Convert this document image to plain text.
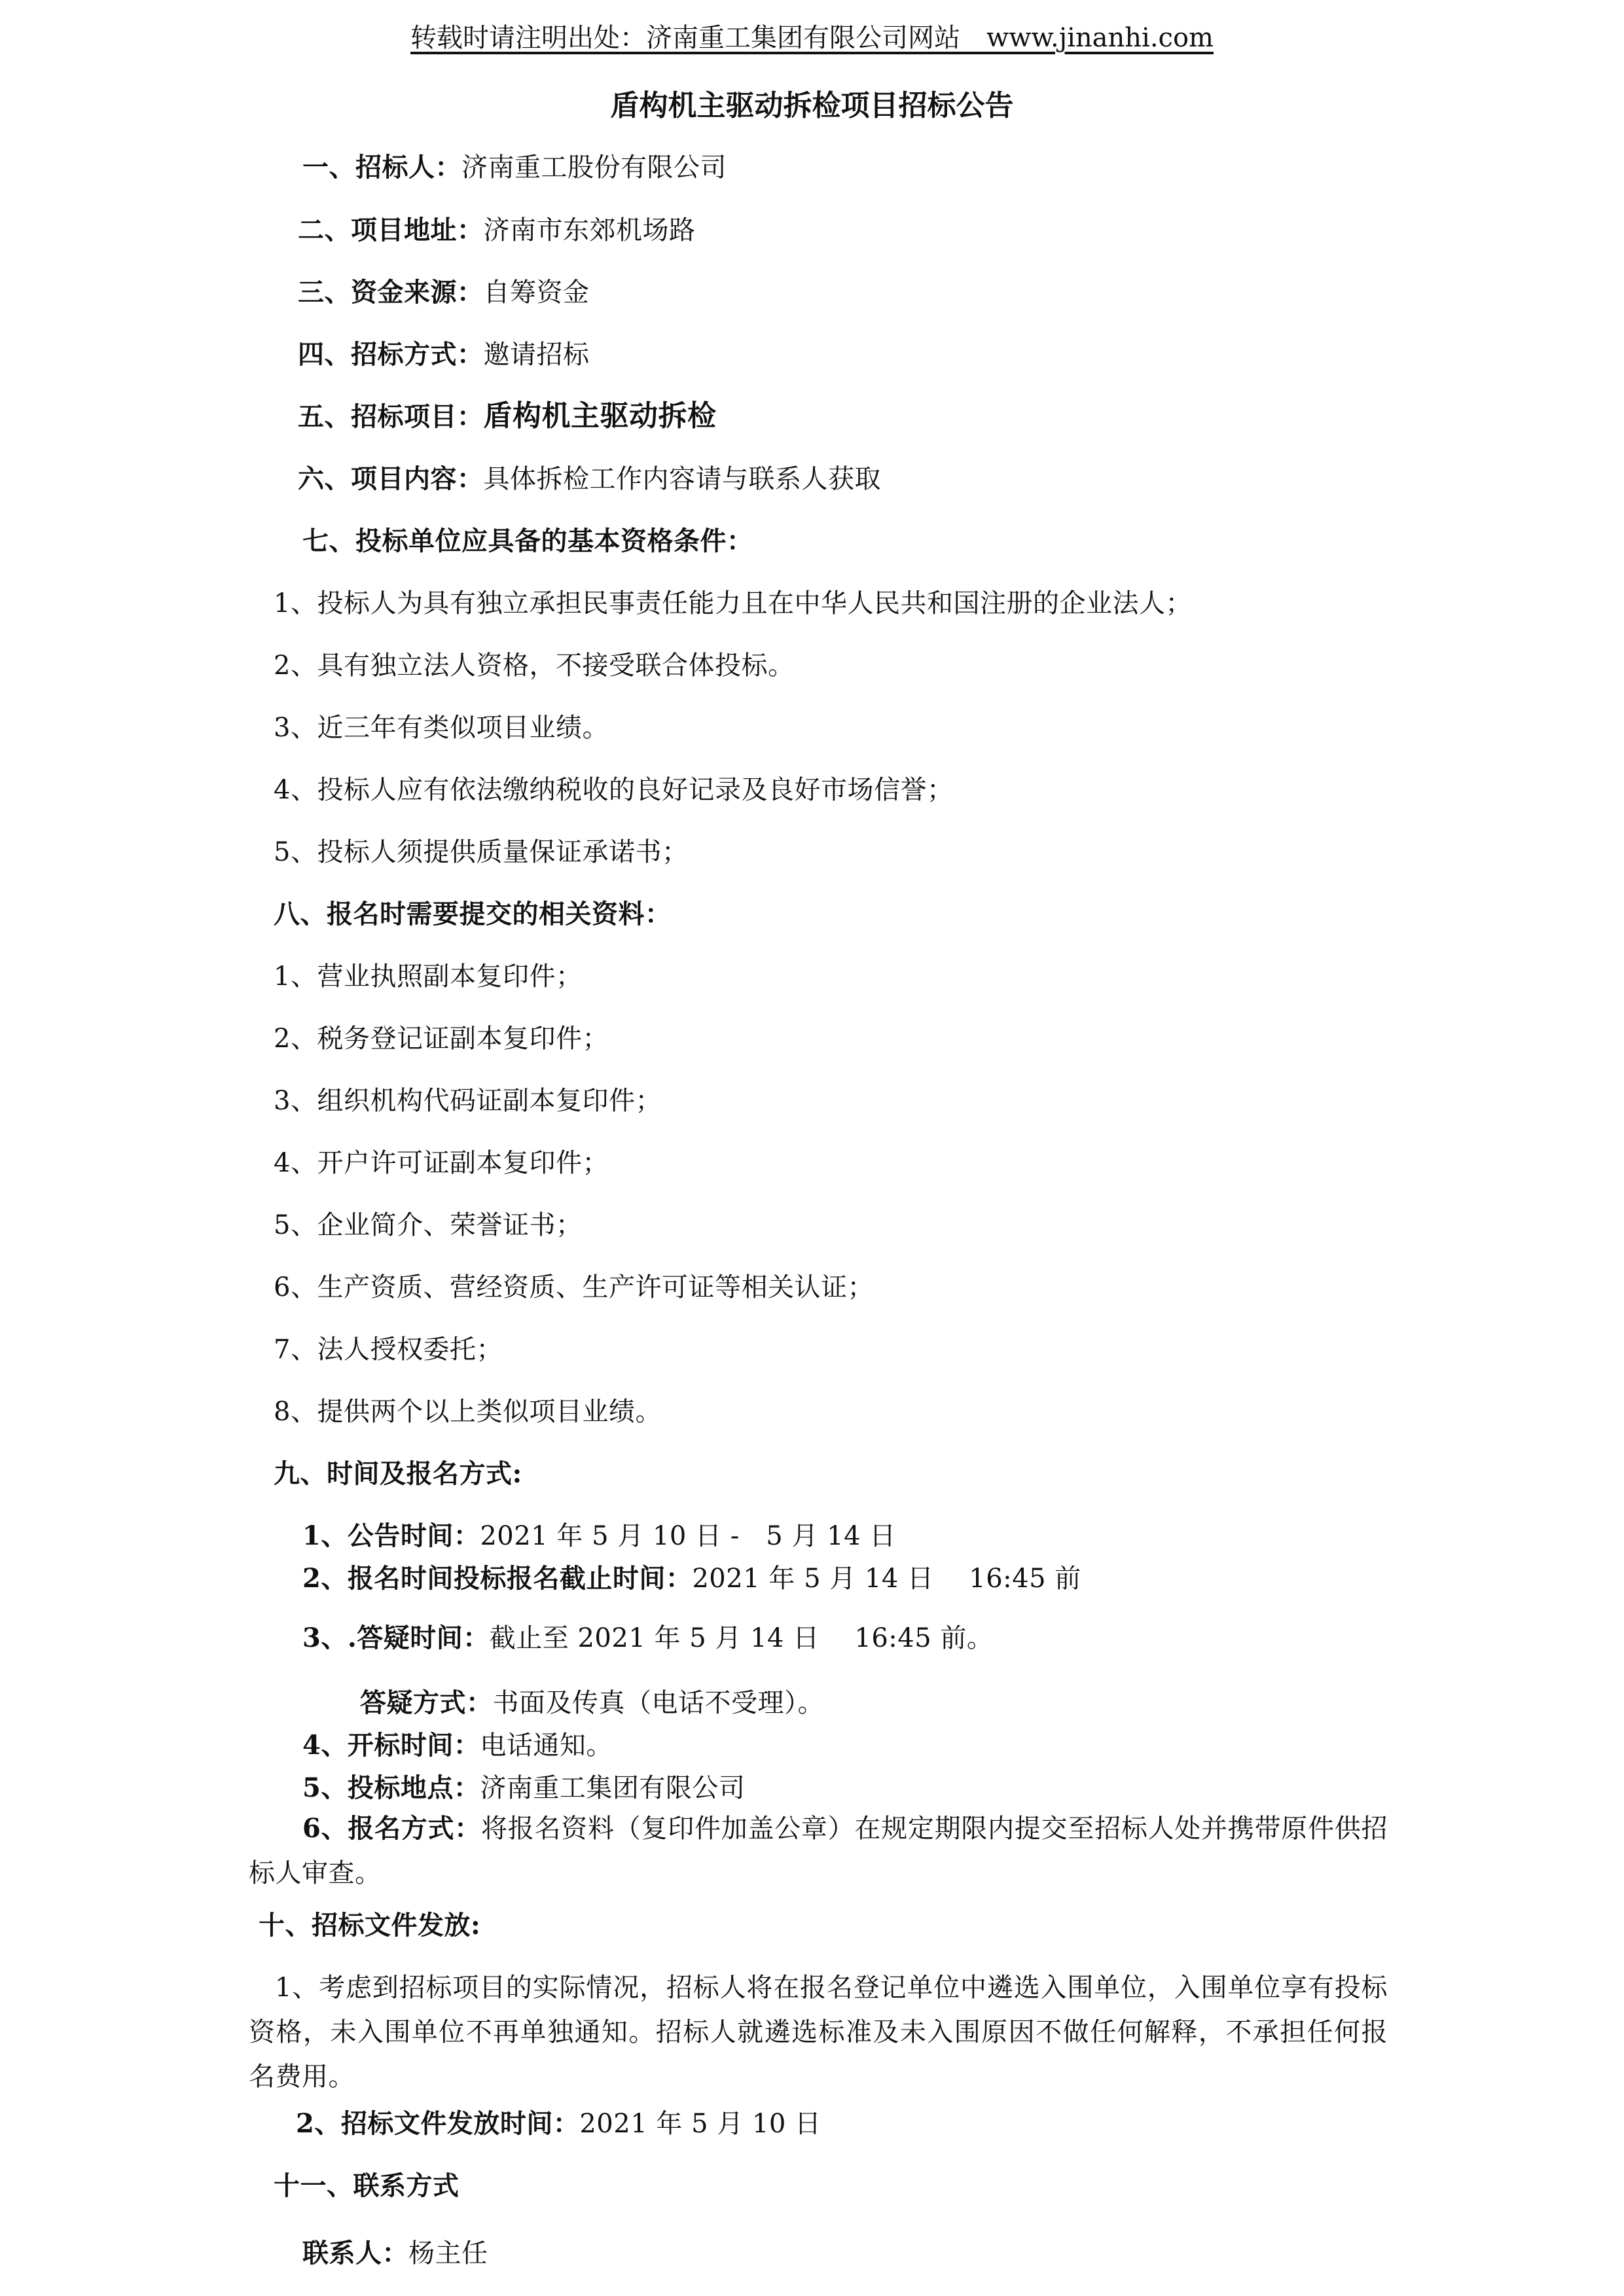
转载时请注明出处：济南重工集团有限公司网站　www.jinanhi.com
盾构机主驱动拆检项目招标公告
一、招标人：济南重工股份有限公司
二、项目地址：济南市东郊机场路
三、资金来源：自筹资金
四、招标方式：邀请招标
五、招标项目：盾构机主驱动拆检
六、项目内容：具体拆检工作内容请与联系人获取
七、投标单位应具备的基本资格条件：
1、投标人为具有独立承担民事责任能力且在中华人民共和国注册的企业法人；
2、具有独立法人资格，不接受联合体投标。
3、近三年有类似项目业绩。
4、投标人应有依法缴纳税收的良好记录及良好市场信誉；
5、投标人须提供质量保证承诺书；
八、报名时需要提交的相关资料：
1、营业执照副本复印件；
2、税务登记证副本复印件；
3、组织机构代码证副本复印件；
4、开户许可证副本复印件；
5、企业简介、荣誉证书；
6、生产资质、营经资质、生产许可证等相关认证；
7、法人授权委托；
8、提供两个以上类似项目业绩。
九、时间及报名方式:
1、公告时间：2021 年 5 月 10 日 -　5 月 14 日
2、报名时间投标报名截止时间：2021 年 5 月 14 日　 16:45 前
3、.答疑时间：截止至 2021 年 5 月 14 日　 16:45 前。
答疑方式：书面及传真（电话不受理）。
4、开标时间：电话通知。
5、投标地点：济南重工集团有限公司
6、报名方式：将报名资料（复印件加盖公章）在规定期限内提交至招标人处并携带原件供招标人审查。
十、招标文件发放:
1、考虑到招标项目的实际情况，招标人将在报名登记单位中遴选入围单位，入围单位享有投标资格，未入围单位不再单独通知。招标人就遴选标准及未入围原因不做任何解释，不承担任何报名费用。
2、招标文件发放时间：2021 年 5 月 10 日
十一、联系方式
联系人：杨主任
